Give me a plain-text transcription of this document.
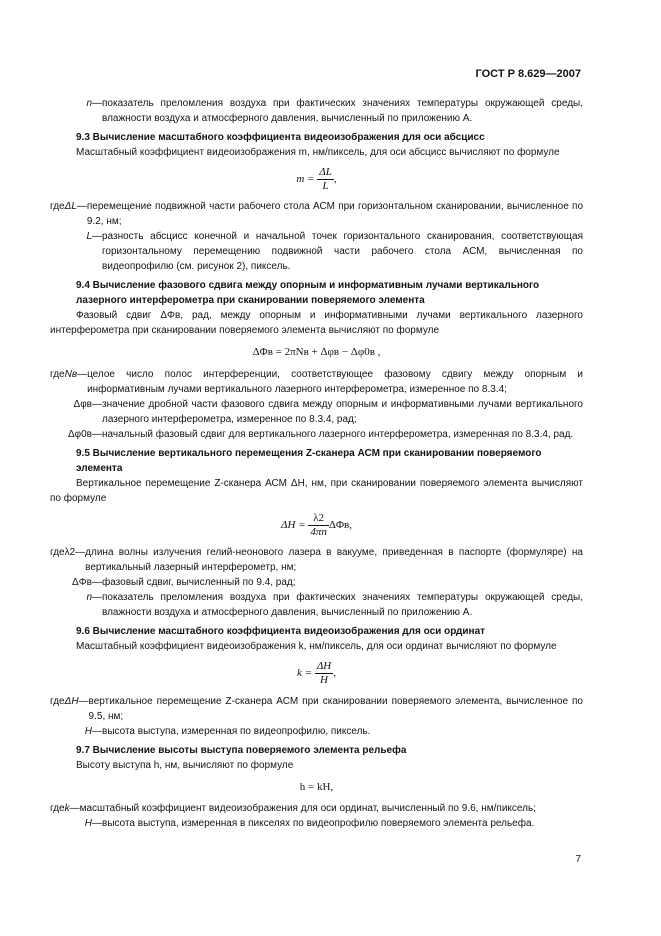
ГОСТ Р 8.629—2007
n — показатель преломления воздуха при фактических значениях температуры окружающей среды, влажности воздуха и атмосферного давления, вычисленный по приложению А.
9.3 Вычисление масштабного коэффициента видеоизображения для оси абсцисс
Масштабный коэффициент видеоизображения m, нм/пиксель, для оси абсцисс вычисляют по формуле
$m = \frac{\Delta L}{L}$ ,
где ΔL — перемещение подвижной части рабочего стола АСМ при горизонтальном сканировании, вычисленное по 9.2, нм;
L — разность абсцисс конечной и начальной точек горизонтального сканирования, соответствующая горизонтальному перемещению подвижной части рабочего стола АСМ, вычисленная по видеопрофилю (см. рисунок 2), пиксель.
9.4 Вычисление фазового сдвига между опорным и информативным лучами вертикального лазерного интерферометра при сканировании поверяемого элемента
Фазовый сдвиг ΔΦв, рад, между опорным и информативными лучами вертикального лазерного интерферометра при сканировании поверяемого элемента вычисляют по формуле
ΔΦв = 2πNв + Δφв − Δφ0в ,
где Nв — целое число полос интерференции, соответствующее фазовому сдвигу между опорным и информативным лучами вертикального лазерного интерферометра, измеренное по 8.3.4;
Δφв — значение дробной части фазового сдвига между опорным и информативными лучами вертикального лазерного интерферометра, измеренное по 8.3.4, рад;
Δφ0в — начальный фазовый сдвиг для вертикального лазерного интерферометра, измеренная по 8.3.4, рад.
9.5 Вычисление вертикального перемещения Z-сканера АСМ при сканировании поверяемого элемента
Вертикальное перемещение Z-сканера АСМ ΔH, нм, при сканировании поверяемого элемента вычисляют по формуле
$\Delta H = \frac{\lambda 2}{4\pi n} \Delta\Phi в$,
где λ2 — длина волны излучения гелий-неонового лазера в вакууме, приведенная в паспорте (формуляре) на вертикальный лазерный интерферометр, нм;
ΔΦв — фазовый сдвиг, вычисленный по 9.4, рад;
n — показатель преломления воздуха при фактических значениях температуры окружающей среды, влажности воздуха и атмосферного давления, вычисленный по приложению А.
9.6 Вычисление масштабного коэффициента видеоизображения для оси ординат
Масштабный коэффициент видеоизображения k, нм/пиксель, для оси ординат вычисляют по формуле
$k = \frac{\Delta H}{H}$ ,
где ΔH — вертикальное перемещение Z-сканера АСМ при сканировании поверяемого элемента, вычисленное по 9.5, нм;
H — высота выступа, измеренная по видеопрофилю, пиксель.
9.7 Вычисление высоты выступа поверяемого элемента рельефа
Высоту выступа h, нм, вычисляют по формуле
h = kH,
где k — масштабный коэффициент видеоизображения для оси ординат, вычисленный по 9.6, нм/пиксель;
H — высота выступа, измеренная в пикселях по видеопрофилю поверяемого элемента рельефа.
7
